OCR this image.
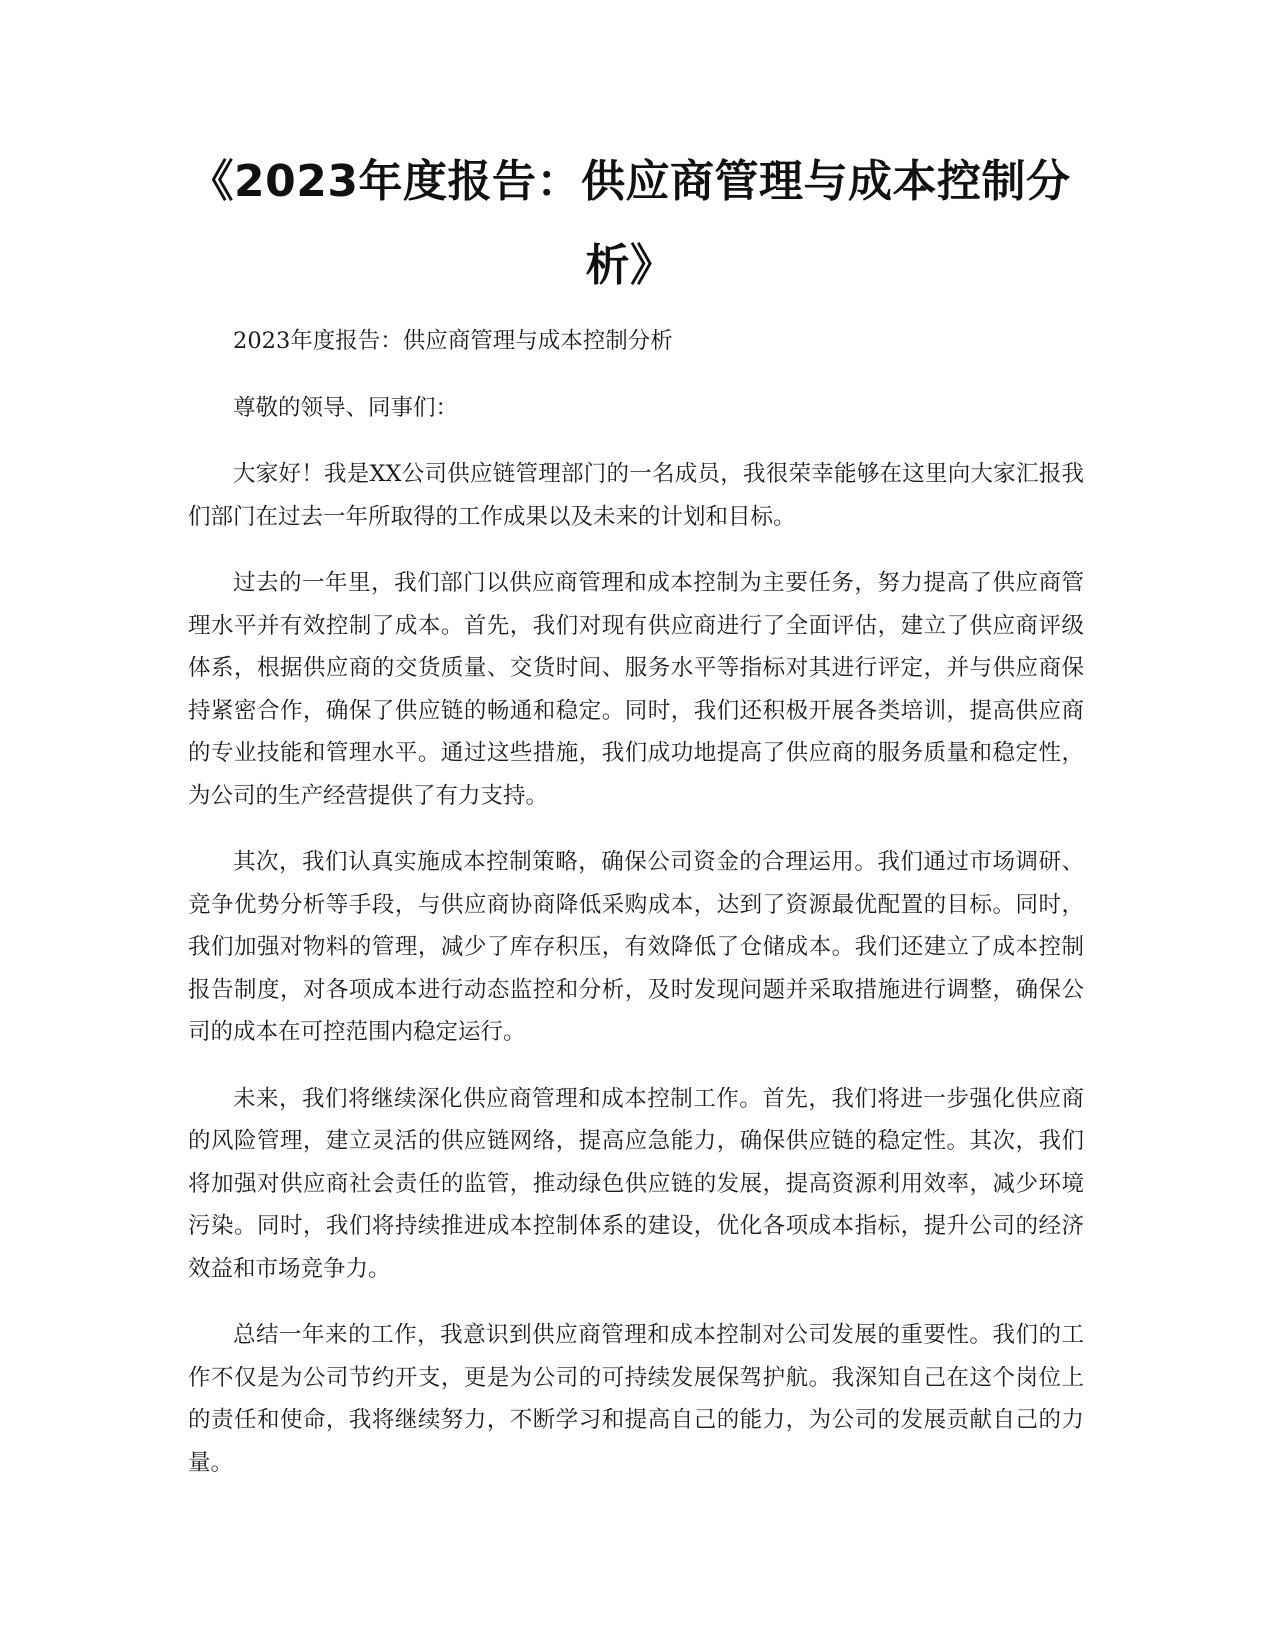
《2023年度报告：供应商管理与成本控制分析》

2023年度报告：供应商管理与成本控制分析

尊敬的领导、同事们：

大家好！我是XX公司供应链管理部门的一名成员，我很荣幸能够在这里向大家汇报我们部门在过去一年所取得的工作成果以及未来的计划和目标。

过去的一年里，我们部门以供应商管理和成本控制为主要任务，努力提高了供应商管理水平并有效控制了成本。首先，我们对现有供应商进行了全面评估，建立了供应商评级体系，根据供应商的交货质量、交货时间、服务水平等指标对其进行评定，并与供应商保持紧密合作，确保了供应链的畅通和稳定。同时，我们还积极开展各类培训，提高供应商的专业技能和管理水平。通过这些措施，我们成功地提高了供应商的服务质量和稳定性，为公司的生产经营提供了有力支持。

其次，我们认真实施成本控制策略，确保公司资金的合理运用。我们通过市场调研、竞争优势分析等手段，与供应商协商降低采购成本，达到了资源最优配置的目标。同时，我们加强对物料的管理，减少了库存积压，有效降低了仓储成本。我们还建立了成本控制报告制度，对各项成本进行动态监控和分析，及时发现问题并采取措施进行调整，确保公司的成本在可控范围内稳定运行。

未来，我们将继续深化供应商管理和成本控制工作。首先，我们将进一步强化供应商的风险管理，建立灵活的供应链网络，提高应急能力，确保供应链的稳定性。其次，我们将加强对供应商社会责任的监管，推动绿色供应链的发展，提高资源利用效率，减少环境污染。同时，我们将持续推进成本控制体系的建设，优化各项成本指标，提升公司的经济效益和市场竞争力。

总结一年来的工作，我意识到供应商管理和成本控制对公司发展的重要性。我们的工作不仅是为公司节约开支，更是为公司的可持续发展保驾护航。我深知自己在这个岗位上的责任和使命，我将继续努力，不断学习和提高自己的能力，为公司的发展贡献自己的力量。
